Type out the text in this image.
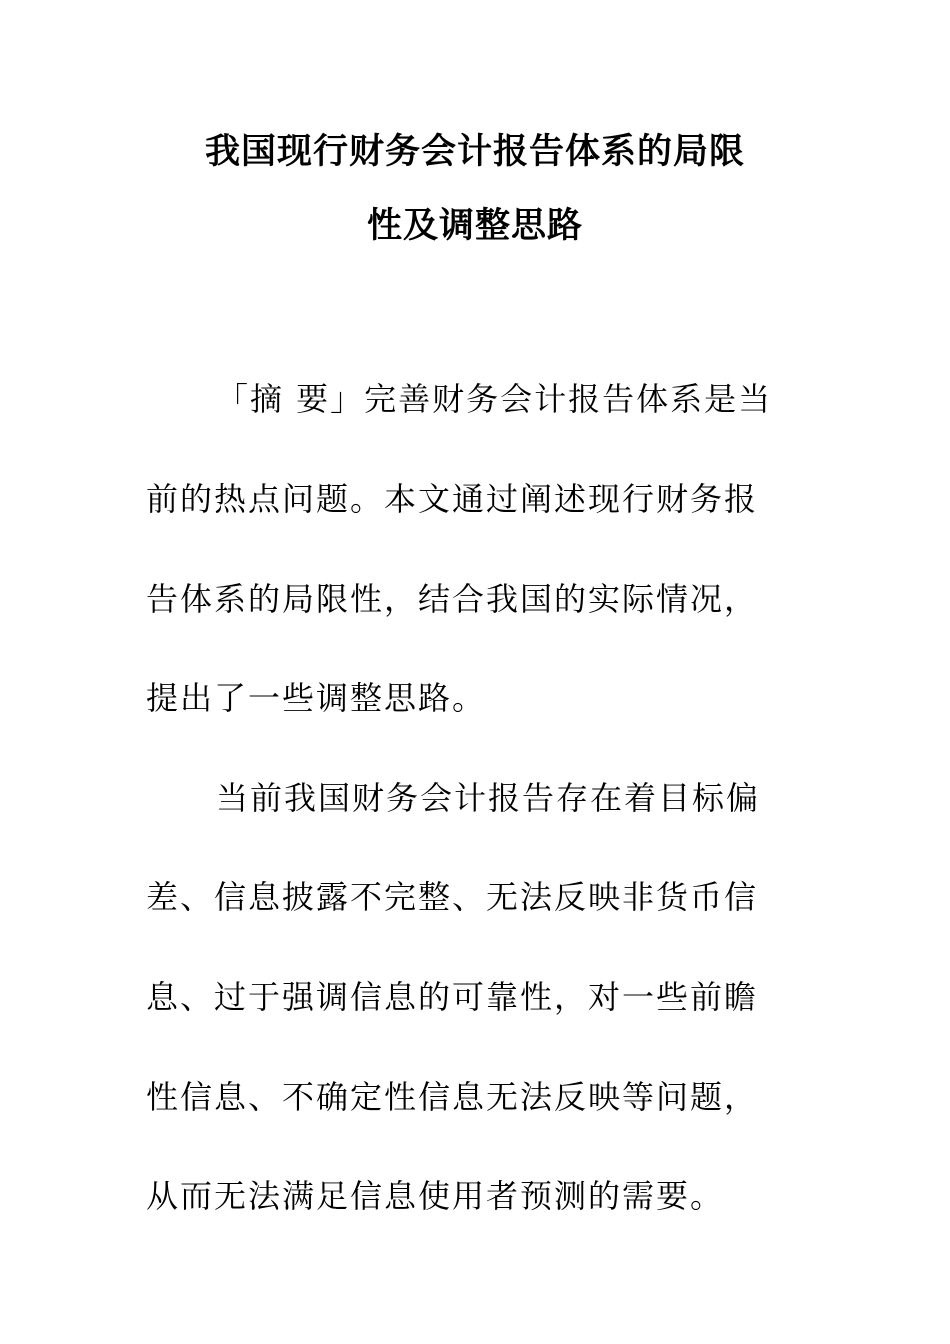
我国现行财务会计报告体系的局限
性及调整思路
「摘 要」完善财务会计报告体系是当
前的热点问题。本文通过阐述现行财务报
告体系的局限性，结合我国的实际情况，
提出了一些调整思路。
当前我国财务会计报告存在着目标偏
差、信息披露不完整、无法反映非货币信
息、过于强调信息的可靠性，对一些前瞻
性信息、不确定性信息无法反映等问题，
从而无法满足信息使用者预测的需要。
